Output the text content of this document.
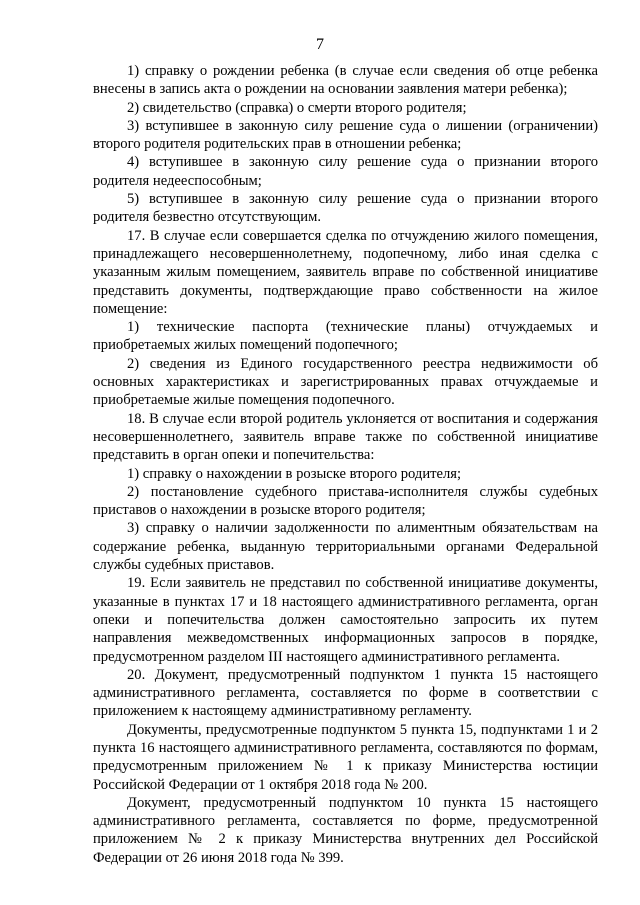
7

1) справку о рождении ребенка (в случае если сведения об отце ребенка внесены в запись акта о рождении на основании заявления матери ребенка);

2) свидетельство (справка) о смерти второго родителя;

3) вступившее в законную силу решение суда о лишении (ограничении) второго родителя родительских прав в отношении ребенка;

4) вступившее в законную силу решение суда о признании второго родителя недееспособным;

5) вступившее в законную силу решение суда о признании второго родителя безвестно отсутствующим.

17. В случае если совершается сделка по отчуждению жилого помещения, принадлежащего несовершеннолетнему, подопечному, либо иная сделка с указанным жилым помещением, заявитель вправе по собственной инициативе представить документы, подтверждающие право собственности на жилое помещение:

1) технические паспорта (технические планы) отчуждаемых и приобретаемых жилых помещений подопечного;

2) сведения из Единого государственного реестра недвижимости об основных характеристиках и зарегистрированных правах отчуждаемые и приобретаемые жилые помещения подопечного.

18. В случае если второй родитель уклоняется от воспитания и содержания несовершеннолетнего, заявитель вправе также по собственной инициативе представить в орган опеки и попечительства:

1) справку о нахождении в розыске второго родителя;

2) постановление судебного пристава-исполнителя службы судебных приставов о нахождении в розыске второго родителя;

3) справку о наличии задолженности по алиментным обязательствам на содержание ребенка, выданную территориальными органами Федеральной службы судебных приставов.

19. Если заявитель не представил по собственной инициативе документы, указанные в пунктах 17 и 18 настоящего административного регламента, орган опеки и попечительства должен самостоятельно запросить их путем направления межведомственных информационных запросов в порядке, предусмотренном разделом III настоящего административного регламента.

20. Документ, предусмотренный подпунктом 1 пункта 15 настоящего административного регламента, составляется по форме в соответствии с приложением к настоящему административному регламенту.

Документы, предусмотренные подпунктом 5 пункта 15, подпунктами 1 и 2 пункта 16 настоящего административного регламента, составляются по формам, предусмотренным приложением № 1 к приказу Министерства юстиции Российской Федерации от 1 октября 2018 года № 200.

Документ, предусмотренный подпунктом 10 пункта 15 настоящего административного регламента, составляется по форме, предусмотренной приложением № 2 к приказу Министерства внутренних дел Российской Федерации от 26 июня 2018 года № 399.
